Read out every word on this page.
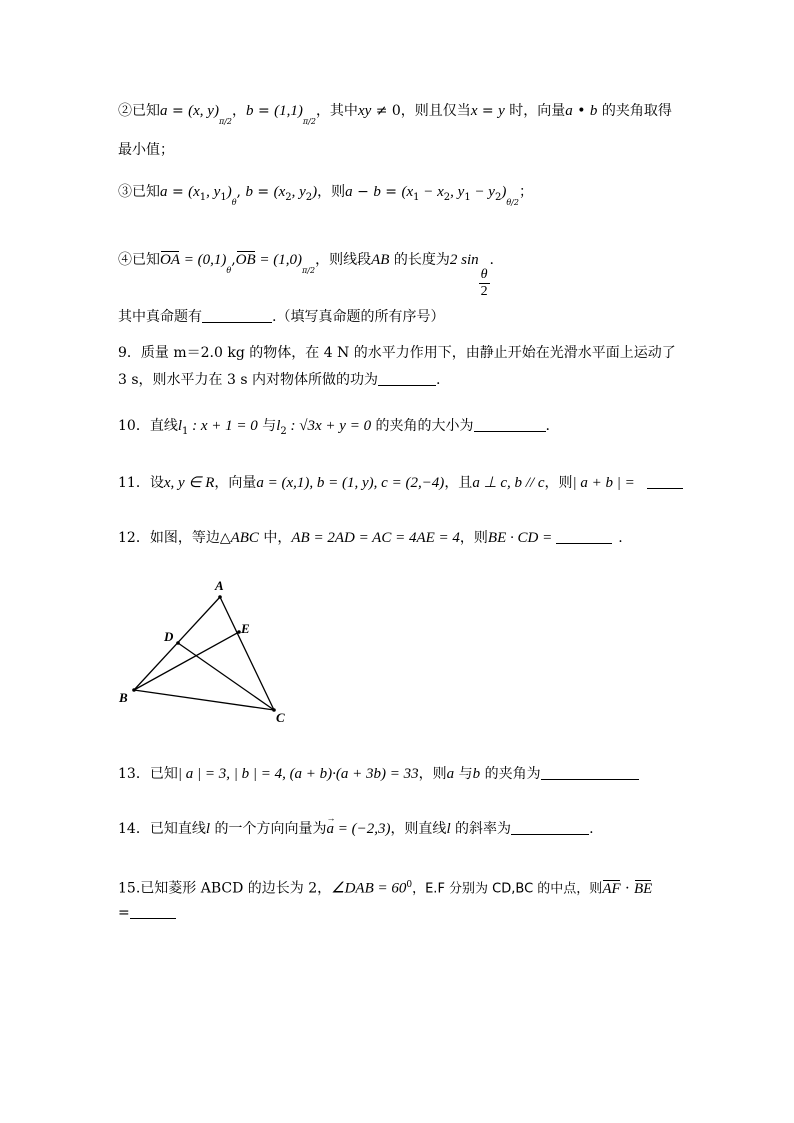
②已知a = (x, $y)_{\pi/2}$，$b = (1,1)_{\pi/2}$，其中xy ≠ 0，则且仅当x = y 时，向量a • b 的夹角取得
最小值；
③已知$a = (x_1$, $y_1)_\theta$, $b = (x_2$, $y_2$)，则$a - b = (x_1 - x_2$, $y_1 - y_2)_{\theta/2}$；
④已知OA = $(0,1)_\theta,OB = (1,0)_{\pi/2}$，则线段AB 的长度为2 sin
$\frac{\theta}{2}$
.
其中真命题有	.（填写真命题的所有序号）
9．质量 m＝2.0 kg 的物体，在 4 N 的水平力作用下，由静止开始在光滑水平面上运动了
3 s，则水平力在 3 s 内对物体所做的功为	.
10．直线$l_1$ : x + 1 = 0 与$l_2$ : √3x + y = 0 的夹角的大小为	.
11．设x, y ∈ R，向量a = (x,1), b = (1, y), c = (2,−4)，且a ⊥ c, b // c，则| a + b | =
12．如图，等边△ABC 中，AB = 2AD = AC = 4AE = 4，则BE · CD =	.
A
B
C
D
E
13．已知| a | = 3, | b | = 4, (a + b)·(a + 3b) = 33，则a 与b 的夹角为
14．已知直线l 的一个方向向量为→ a = (−2,3)，则直线l 的斜率为	.
15.已知菱形 ABCD 的边长为 2，∠DAB = $60^0$，E.F 分别为 CD,BC 的中点，则AF · BE
=
